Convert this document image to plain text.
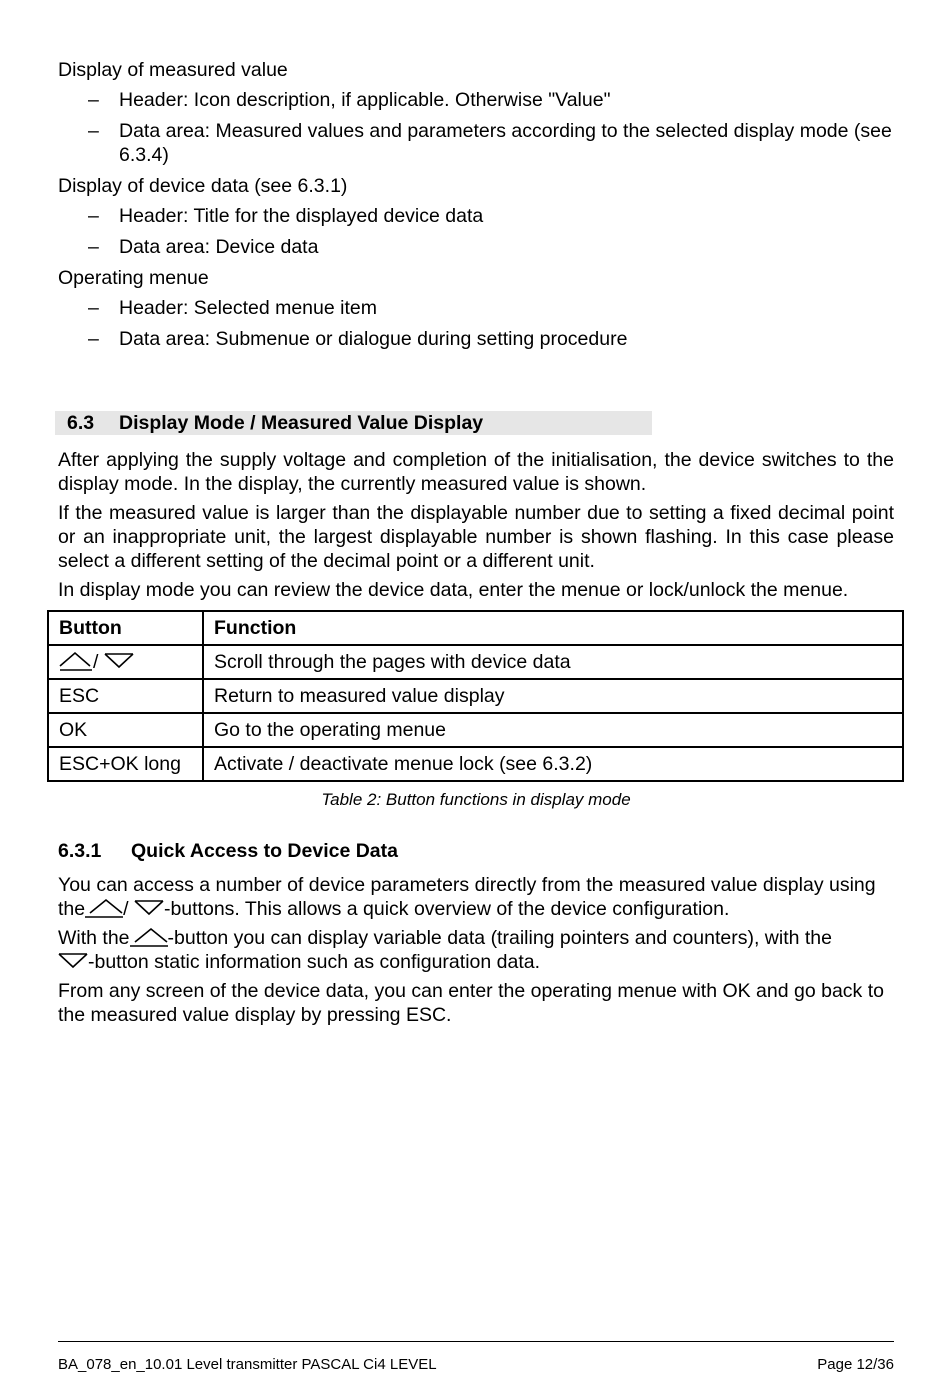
Display of measured value

– Header: Icon description, if applicable. Otherwise "Value"
– Data area: Measured values and parameters according to the selected display mode (see 6.3.4)

Display of device data (see 6.3.1)

– Header: Title for the displayed device data
– Data area: Device data

Operating menue

– Header: Selected menue item
– Data area: Submenue or dialogue during setting procedure
6.3 Display Mode / Measured Value Display

After applying the supply voltage and completion of the initialisation, the device switches to the display mode. In the display, the currently measured value is shown.

If the measured value is larger than the displayable number due to setting a fixed decimal point or an inappropriate unit, the largest displayable number is shown flashing. In this case please select a different setting of the decimal point or a different unit.

In display mode you can review the device data, enter the menue or lock/unlock the menue.

Button	Function
/	Scroll through the pages with device data
ESC	Return to measured value display
OK	Go to the operating menue
ESC+OK long	Activate / deactivate menue lock (see 6.3.2)
Table 2: Button functions in display mode
6.3.1 Quick Access to Device Data

You can access a number of device parameters directly from the measured value display using the / -buttons. This allows a quick overview of the device configuration.

With the -button you can display variable data (trailing pointers and counters), with the
-button static information such as configuration data.

From any screen of the device data, you can enter the operating menue with OK and go back to the measured value display by pressing ESC.

BA_078_en_10.01 Level transmitter PASCAL Ci4 LEVEL	Page 12/36
